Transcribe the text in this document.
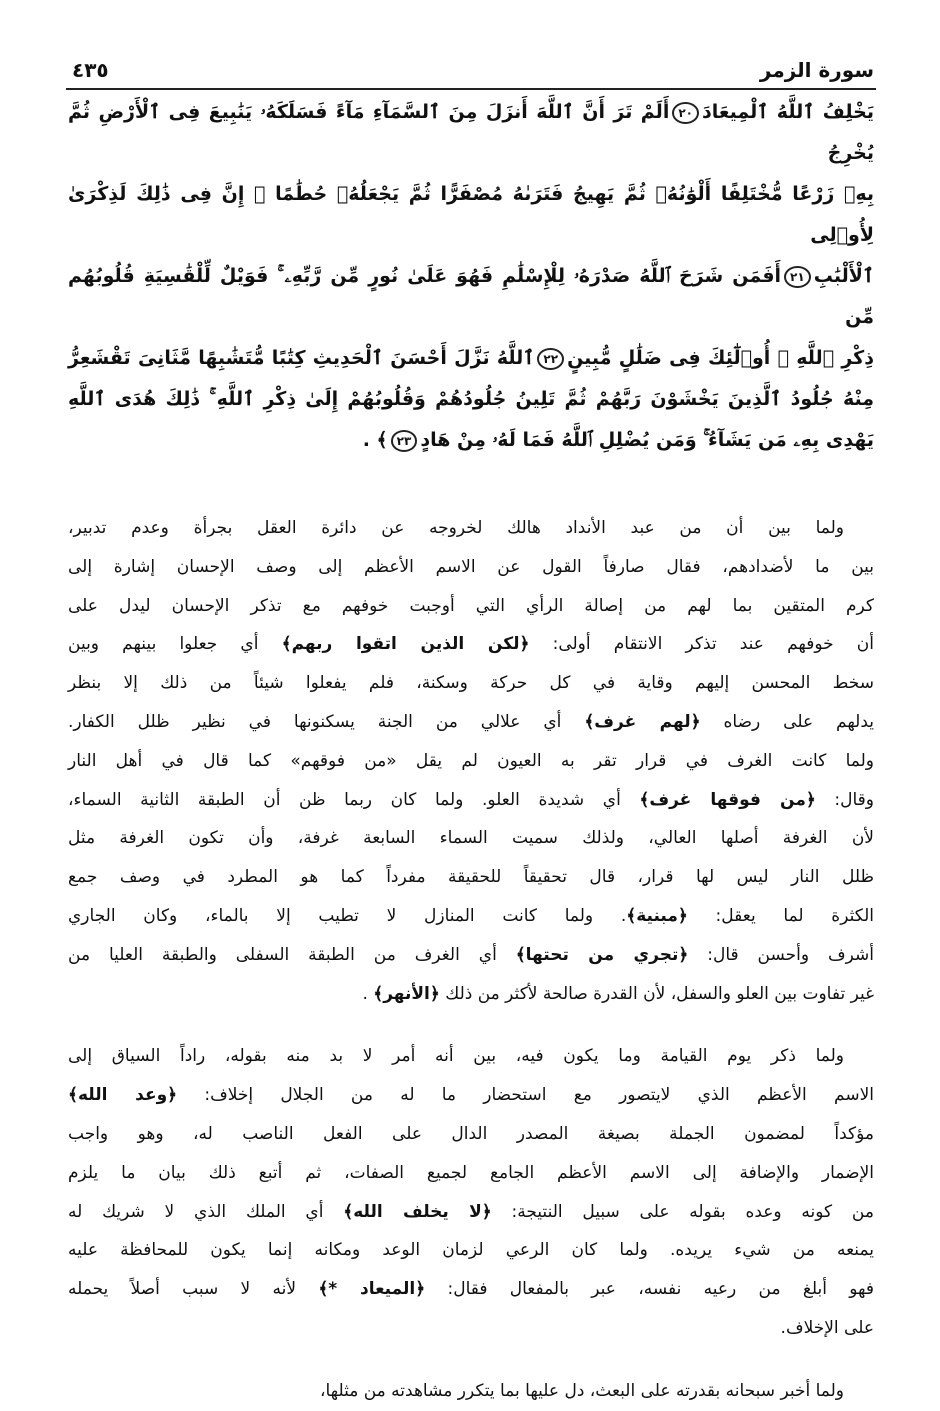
٤٣٥	سورة الزمر
يَخْلِفُ ٱللَّهُ ٱلْمِيعَادَ٢٠أَلَمْ تَرَ أَنَّ ٱللَّهَ أَنزَلَ مِنَ ٱلسَّمَآءِ مَآءً فَسَلَكَهُۥ يَنَٰبِيعَ فِى ٱلْأَرْضِ ثُمَّ يُخْرِجُ
بِهِۦ زَرْعًا مُّخْتَلِفًا أَلْوَٰنُهُۥ ثُمَّ يَهِيجُ فَتَرَىٰهُ مُصْفَرًّا ثُمَّ يَجْعَلُهُۥ حُطَٰمًا ۚ إِنَّ فِى ذَٰلِكَ لَذِكْرَىٰ لِأُو۟لِى
ٱلْأَلْبَٰبِ٢١أَفَمَن شَرَحَ ٱللَّهُ صَدْرَهُۥ لِلْإِسْلَٰمِ فَهُوَ عَلَىٰ نُورٍ مِّن رَّبِّهِۦ ۚ فَوَيْلٌ لِّلْقَٰسِيَةِ قُلُوبُهُم مِّن
ذِكْرِ ٱللَّهِ ۚ أُو۟لَٰٓئِكَ فِى ضَلَٰلٍ مُّبِينٍ٢٢ٱللَّهُ نَزَّلَ أَحْسَنَ ٱلْحَدِيثِ كِتَٰبًا مُّتَشَٰبِهًا مَّثَانِىَ تَقْشَعِرُّ
مِنْهُ جُلُودُ ٱلَّذِينَ يَخْشَوْنَ رَبَّهُمْ ثُمَّ تَلِينُ جُلُودُهُمْ وَقُلُوبُهُمْ إِلَىٰ ذِكْرِ ٱللَّهِ ۚ ذَٰلِكَ هُدَى ٱللَّهِ
يَهْدِى بِهِۦ مَن يَشَآءُ ۚ وَمَن يُضْلِلِ ٱللَّهُ فَمَا لَهُۥ مِنْ هَادٍ٢٣﴾ .
ولما بين أن من عبد الأنداد هالك لخروجه عن دائرة العقل بجرأة وعدم تدبير،
بين ما لأضدادهم، فقال صارفاً القول عن الاسم الأعظم إلى وصف الإحسان إشارة إلى
كرم المتقين بما لهم من إصالة الرأي التي أوجبت خوفهم مع تذكر الإحسان ليدل على
أن خوفهم عند تذكر الانتقام أولى: ﴿لكن الذين اتقوا ربهم﴾ أي جعلوا بينهم وبين
سخط المحسن إليهم وقاية في كل حركة وسكنة، فلم يفعلوا شيئاً من ذلك إلا بنظر
يدلهم على رضاه ﴿لهم غرف﴾ أي علالي من الجنة يسكنونها في نظير ظلل الكفار.
ولما كانت الغرف في قرار تقر به العيون لم يقل «من فوقهم» كما قال في أهل النار
وقال: ﴿من فوقها غرف﴾ أي شديدة العلو. ولما كان ربما ظن أن الطبقة الثانية السماء،
لأن الغرفة أصلها العالي، ولذلك سميت السماء السابعة غرفة، وأن تكون الغرفة مثل
ظلل النار ليس لها قرار، قال تحقيقاً للحقيقة مفرداً كما هو المطرد في وصف جمع
الكثرة لما يعقل: ﴿مبنية﴾. ولما كانت المنازل لا تطيب إلا بالماء، وكان الجاري
أشرف وأحسن قال: ﴿تجري من تحتها﴾ أي الغرف من الطبقة السفلى والطبقة العليا من
غير تفاوت بين العلو والسفل، لأن القدرة صالحة لأكثر من ذلك ﴿الأنهر﴾ .
ولما ذكر يوم القيامة وما يكون فيه، بين أنه أمر لا بد منه بقوله، راداً السياق إلى
الاسم الأعظم الذي لايتصور مع استحضار ما له من الجلال إخلاف: ﴿وعد الله﴾
مؤكداً لمضمون الجملة بصيغة المصدر الدال على الفعل الناصب له، وهو واجب
الإضمار والإضافة إلى الاسم الأعظم الجامع لجميع الصفات، ثم أتبع ذلك بيان ما يلزم
من كونه وعده بقوله على سبيل النتيجة: ﴿لا يخلف الله﴾ أي الملك الذي لا شريك له
يمنعه من شيء يريده. ولما كان الرعي لزمان الوعد ومكانه إنما يكون للمحافظة عليه
فهو أبلغ من رعيه نفسه، عبر بالمفعال فقال: ﴿الميعاد *﴾ لأنه لا سبب أصلاً يحمله
على الإخلاف.
ولما أخبر سبحانه بقدرته على البعث، دل عليها بما يتكرر مشاهدته من مثلها،
